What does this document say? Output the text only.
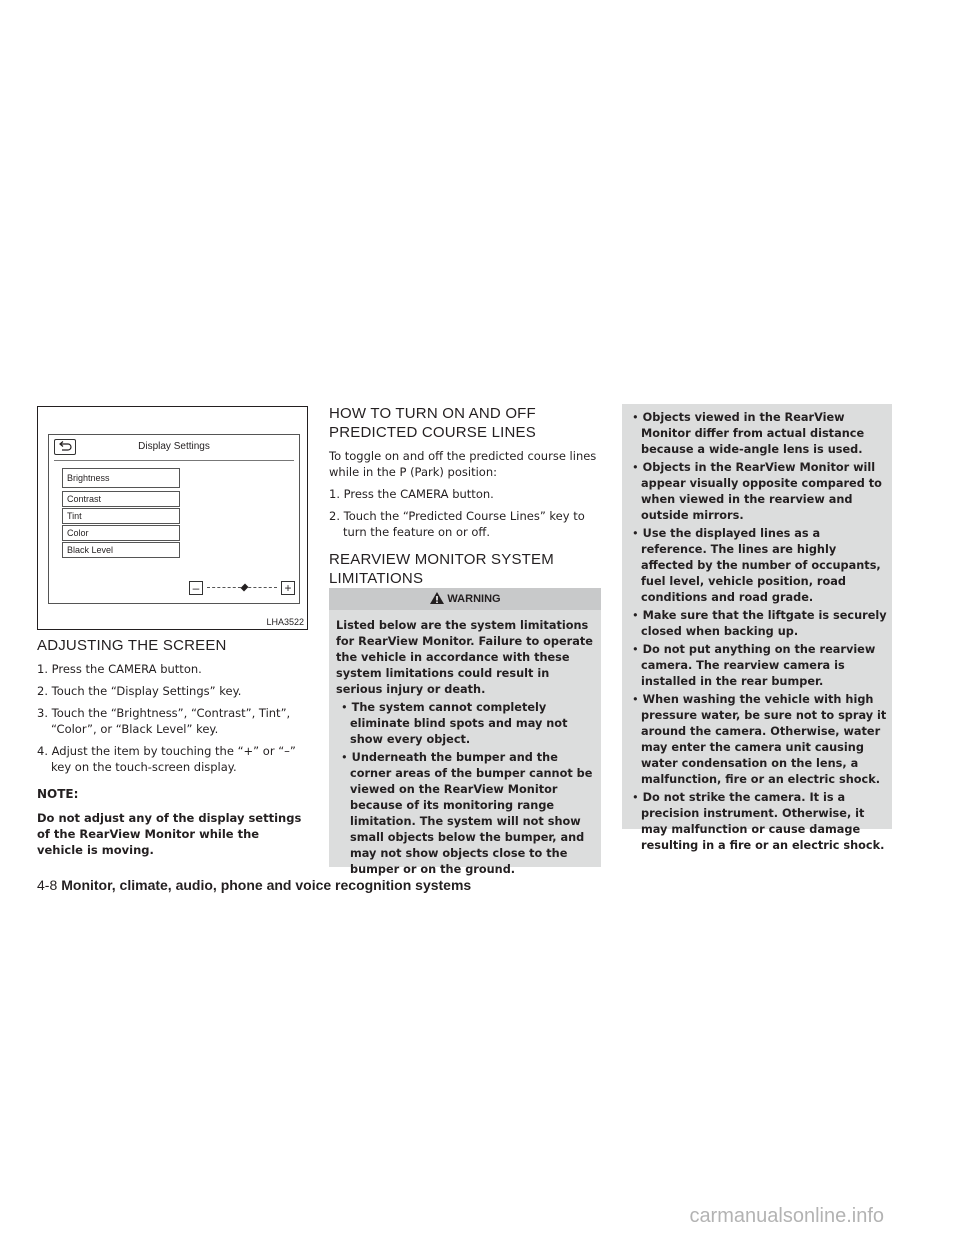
Display Settings
Brightness
Contrast
Tint
Color
Black Level
–	+
LHA3522
ADJUSTING THE SCREEN
1. Press the CAMERA button.
2. Touch the “Display Settings” key.
3. Touch the “Brightness”, “Contrast”, Tint”, “Color”, or “Black Level” key.
4. Adjust the item by touching the “+” or “–” key on the touch-screen display.

NOTE:

Do not adjust any of the display settings of the RearView Monitor while the vehicle is moving.

HOW TO TURN ON AND OFF PREDICTED COURSE LINES

To toggle on and off the predicted course lines while in the P (Park) position:

1. Press the CAMERA button.
2. Touch the “Predicted Course Lines” key to turn the feature on or off.
REARVIEW MONITOR SYSTEM LIMITATIONS
WARNING

Listed below are the system limitations for RearView Monitor. Failure to operate the vehicle in accordance with these system limitations could result in serious injury or death.

• The system cannot completely eliminate blind spots and may not show every object.
• Underneath the bumper and the corner areas of the bumper cannot be viewed on the RearView Monitor because of its monitoring range limitation. The system will not show small objects below the bumper, and may not show objects close to the bumper or on the ground.
• Objects viewed in the RearView Monitor differ from actual distance because a wide-angle lens is used.
• Objects in the RearView Monitor will appear visually opposite compared to when viewed in the rearview and outside mirrors.
• Use the displayed lines as a reference. The lines are highly affected by the number of occupants, fuel level, vehicle position, road conditions and road grade.
• Make sure that the liftgate is securely closed when backing up.
• Do not put anything on the rearview camera. The rearview camera is installed in the rear bumper.
• When washing the vehicle with high pressure water, be sure not to spray it around the camera. Otherwise, water may enter the camera unit causing water condensation on the lens, a malfunction, fire or an electric shock.
• Do not strike the camera. It is a precision instrument. Otherwise, it may malfunction or cause damage resulting in a fire or an electric shock.
4-8 Monitor, climate, audio, phone and voice recognition systems
carmanualsonline.info
